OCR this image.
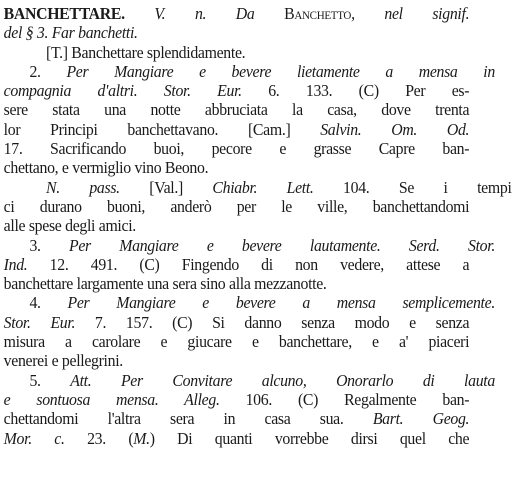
BANCHETTARE. V. n. Da Banchetto, nel signif.
del § 3. Far banchetti.
[T.] Banchettare splendidamente.
2. Per Mangiare e bevere lietamente a mensa in
compagnia d'altri. Stor. Eur. 6. 133. (C) Per es-
sere stata una notte abbruciata la casa, dove trenta
lor Principi banchettavano. [Cam.] Salvin. Om. Od.
17. Sacrificando buoi, pecore e grasse Capre ban-
chettano, e vermiglio vino Beono.
N. pass. [Val.] Chiabr. Lett. 104. Se i tempi
ci durano buoni, anderò per le ville, banchettandomi
alle spese degli amici.
3. Per Mangiare e bevere lautamente. Serd. Stor.
Ind. 12. 491. (C) Fingendo di non vedere, attese a
banchettare largamente una sera sino alla mezzanotte.
4. Per Mangiare e bevere a mensa semplicemente.
Stor. Eur. 7. 157. (C) Si danno senza modo e senza
misura a carolare e giucare e banchettare, e a' piaceri
venerei e pellegrini.
5. Att. Per Convitare alcuno, Onorarlo di lauta
e sontuosa mensa. Alleg. 106. (C) Regalmente ban-
chettandomi l'altra sera in casa sua. Bart. Geog.
Mor. c. 23. (M.) Di quanti vorrebbe dirsi quel che
